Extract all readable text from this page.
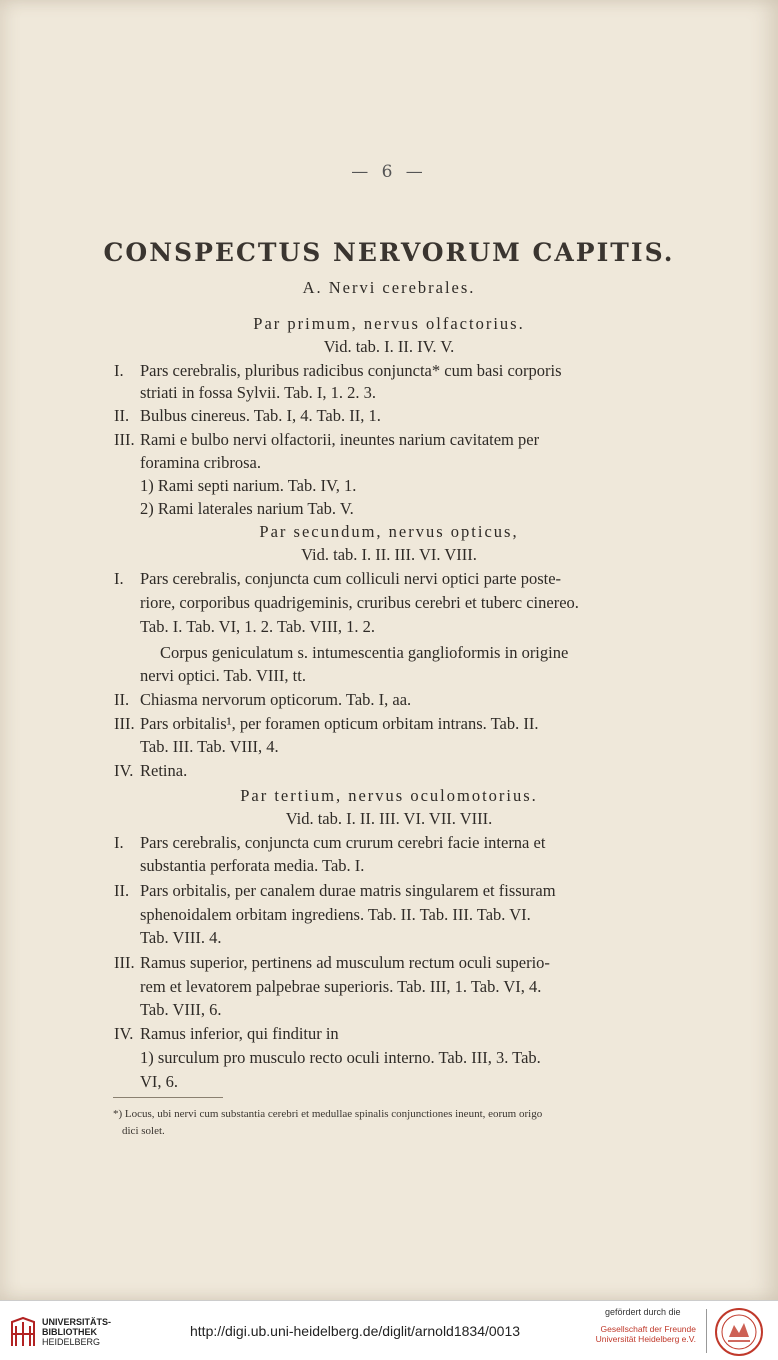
— 6 —
CONSPECTUS NERVORUM CAPITIS.
A. Nervi cerebrales.
Par primum, nervus olfactorius.
Vid. tab. I. II. IV. V.
I. Pars cerebralis, pluribus radicibus conjuncta* cum basi corporis
striati in fossa Sylvii. Tab. I, 1. 2. 3.
II. Bulbus cinereus. Tab. I, 4. Tab. II, 1.
III. Rami e bulbo nervi olfactorii, ineuntes narium cavitatem per
foramina cribrosa.
1) Rami septi narium. Tab. IV, 1.
2) Rami laterales narium Tab. V.
Par secundum, nervus opticus,
Vid. tab. I. II. III. VI. VIII.
I. Pars cerebralis, conjuncta cum colliculi nervi optici parte poste-
riore, corporibus quadrigeminis, cruribus cerebri et tuberc cinereo.
Tab. I. Tab. VI, 1. 2. Tab. VIII, 1. 2.
Corpus geniculatum s. intumescentia ganglioformis in origine
nervi optici. Tab. VIII, tt.
II. Chiasma nervorum opticorum. Tab. I, aa.
III. Pars orbitalis¹, per foramen opticum orbitam intrans. Tab. II.
Tab. III. Tab. VIII, 4.
IV. Retina.
Par tertium, nervus oculomotorius.
Vid. tab. I. II. III. VI. VII. VIII.
I. Pars cerebralis, conjuncta cum crurum cerebri facie interna et
substantia perforata media. Tab. I.
II. Pars orbitalis, per canalem durae matris singularem et fissuram
sphenoidalem orbitam ingrediens. Tab. II. Tab. III. Tab. VI.
Tab. VIII. 4.
III. Ramus superior, pertinens ad musculum rectum oculi superio-
rem et levatorem palpebrae superioris. Tab. III, 1. Tab. VI, 4.
Tab. VIII, 6.
IV. Ramus inferior, qui finditur in
1) surculum pro musculo recto oculi interno. Tab. III, 3. Tab.
VI, 6.
*) Locus, ubi nervi cum substantia cerebri et medullae spinalis conjunctiones ineunt, eorum origo
dici solet.
UNIVERSITÄTS-
BIBLIOTHEK
HEIDELBERG
http://digi.ub.uni-heidelberg.de/diglit/arnold1834/0013
gefördert durch die
Gesellschaft der Freunde
Universität Heidelberg e.V.
